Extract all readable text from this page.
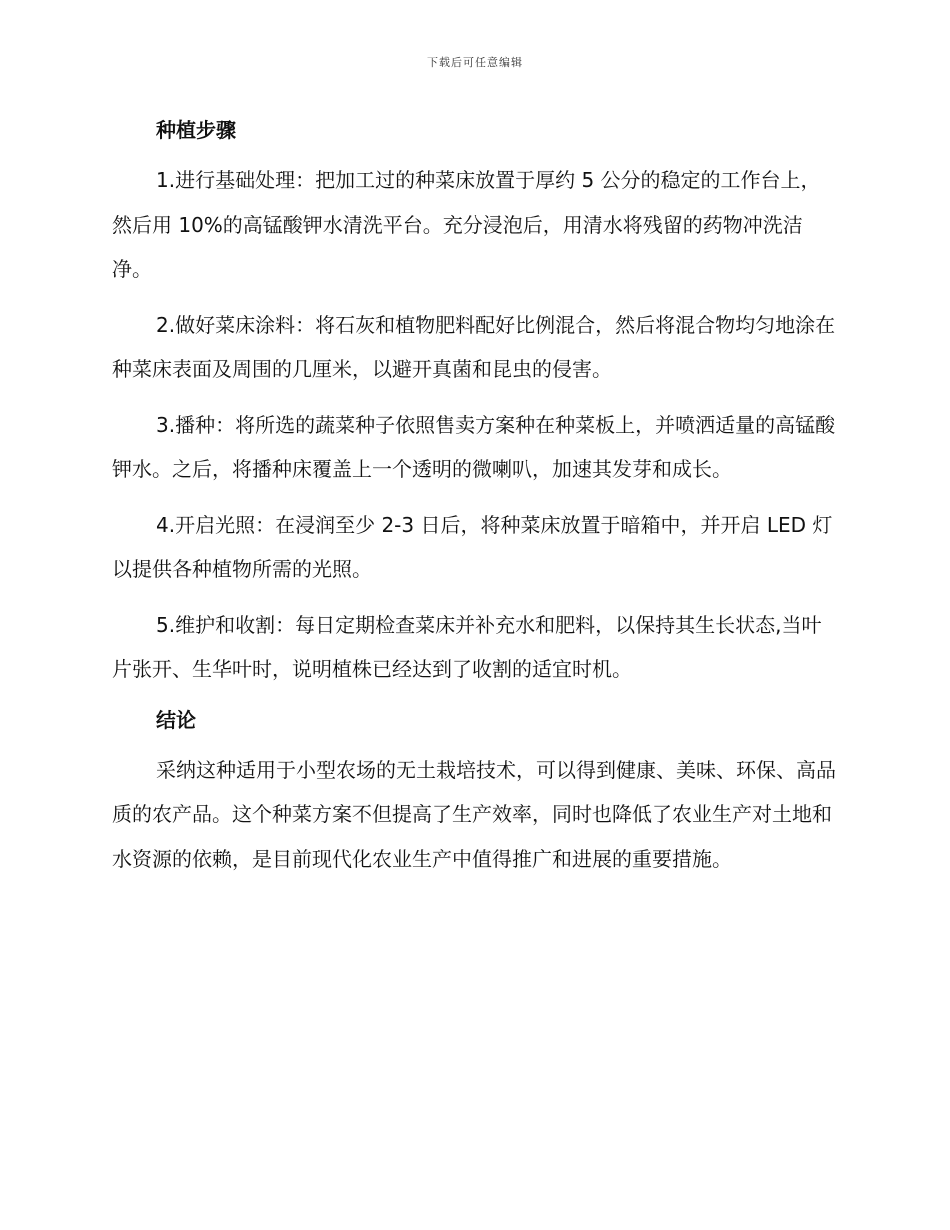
下载后可任意编辑
种植步骤

1.进行基础处理：把加工过的种菜床放置于厚约 5 公分的稳定的工作台上，然后用 10%的高锰酸钾水清洗平台。充分浸泡后，用清水将残留的药物冲洗洁净。

2.做好菜床涂料：将石灰和植物肥料配好比例混合，然后将混合物均匀地涂在种菜床表面及周围的几厘米，以避开真菌和昆虫的侵害。

3.播种：将所选的蔬菜种子依照售卖方案种在种菜板上，并喷洒适量的高锰酸钾水。之后，将播种床覆盖上一个透明的微喇叭，加速其发芽和成长。

4.开启光照：在浸润至少 2-3 日后，将种菜床放置于暗箱中，并开启 LED 灯以提供各种植物所需的光照。

5.维护和收割：每日定期检查菜床并补充水和肥料，以保持其生长状态,当叶片张开、生华叶时，说明植株已经达到了收割的适宜时机。

结论

采纳这种适用于小型农场的无土栽培技术，可以得到健康、美味、环保、高品质的农产品。这个种菜方案不但提高了生产效率，同时也降低了农业生产对土地和水资源的依赖，是目前现代化农业生产中值得推广和进展的重要措施。
